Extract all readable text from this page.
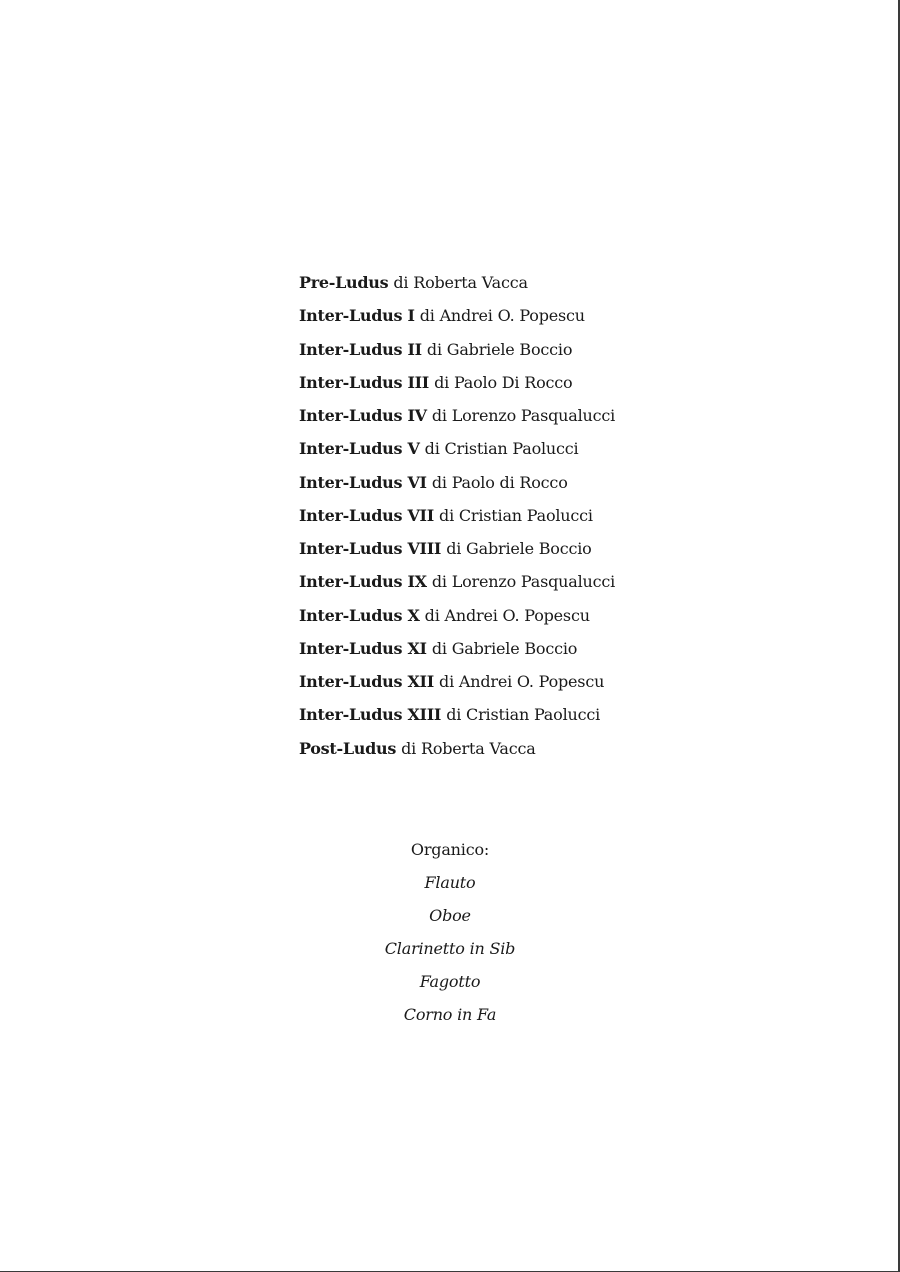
Pre-Ludus di Roberta Vacca
Inter-Ludus I di Andrei O. Popescu
Inter-Ludus II di Gabriele Boccio
Inter-Ludus III di Paolo Di Rocco
Inter-Ludus IV di Lorenzo Pasqualucci
Inter-Ludus V di Cristian Paolucci
Inter-Ludus VI di Paolo di Rocco
Inter-Ludus VII di Cristian Paolucci
Inter-Ludus VIII di Gabriele Boccio
Inter-Ludus IX di Lorenzo Pasqualucci
Inter-Ludus X di Andrei O. Popescu
Inter-Ludus XI di Gabriele Boccio
Inter-Ludus XII di Andrei O. Popescu
Inter-Ludus XIII di Cristian Paolucci
Post-Ludus di Roberta Vacca
Organico:
Flauto
Oboe
Clarinetto in Sib
Fagotto
Corno in Fa
